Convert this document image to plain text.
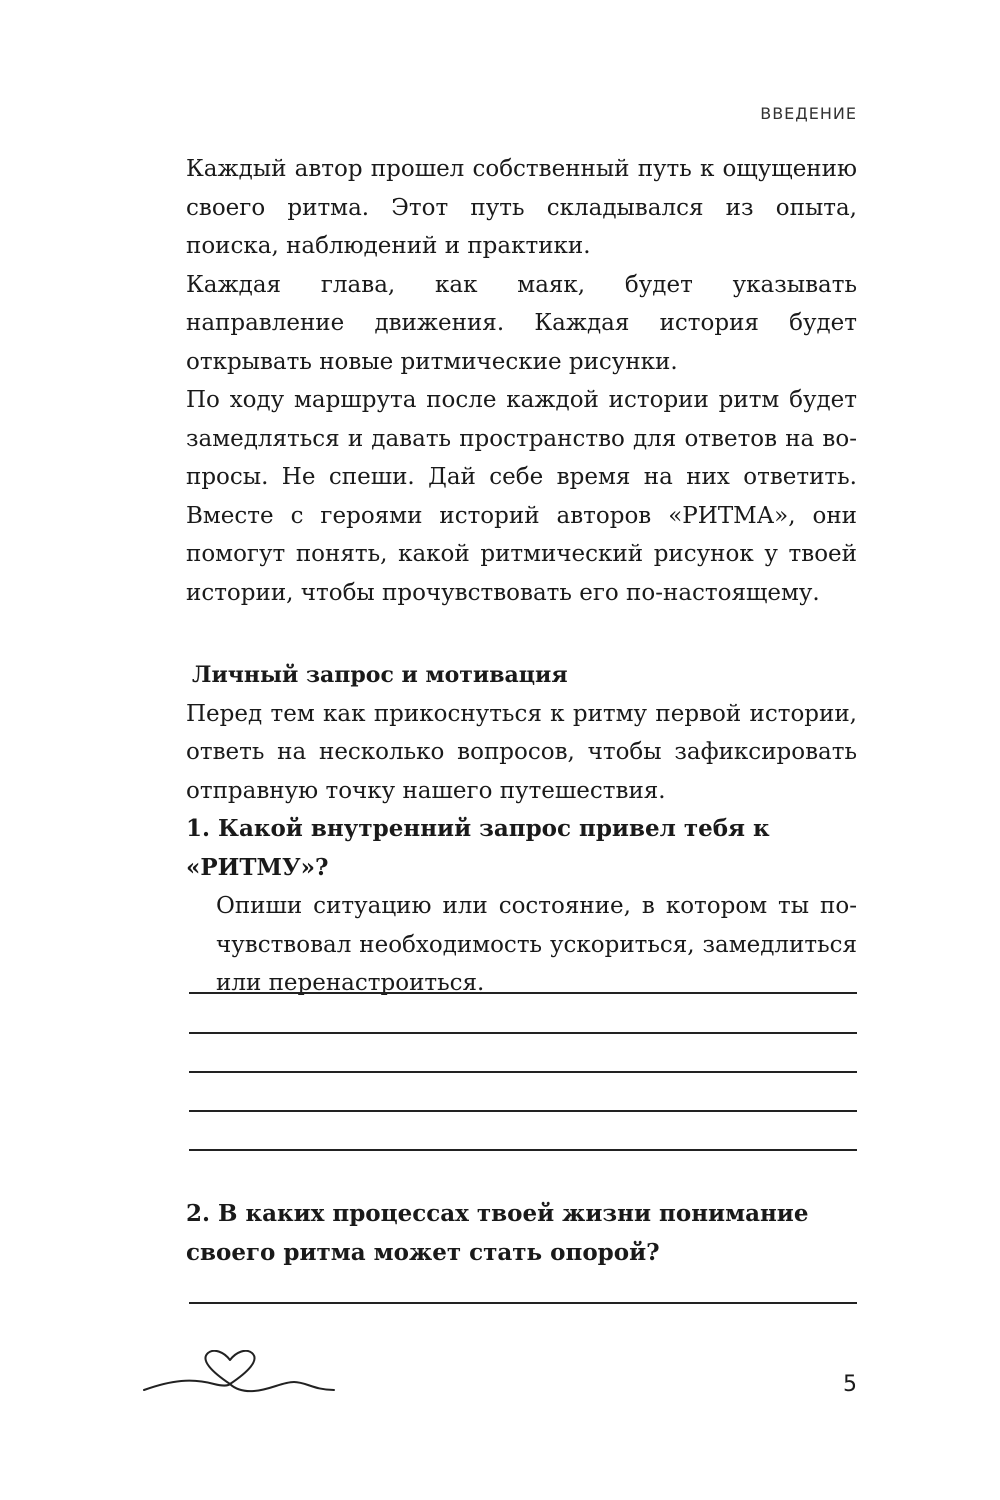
ВВЕДЕНИЕ

Каждый автор прошел собственный путь к ощущению своего ритма. Этот путь складывался из опыта, поиска, наблюдений и практики.

Каждая глава, как маяк, будет указывать направление движения. Каждая история будет открывать новые ритмические рисунки.

По ходу маршрута после каждой истории ритм будет замедляться и давать пространство для ответов на вопросы. Не спеши. Дай себе время на них ответить. Вместе с героями историй авторов «РИТМА», они помогут понять, какой ритмический рисунок у твоей истории, чтобы прочувствовать его по-настоящему.

Личный запрос и мотивация

Перед тем как прикоснуться к ритму первой истории, ответь на несколько вопросов, чтобы зафиксировать отправную точку нашего путешествия.

1. Какой внутренний запрос привел тебя к «РИТМУ»?

Опиши ситуацию или состояние, в котором ты почувствовал необходимость ускориться, замедлиться или перенастроиться.

2. В каких процессах твоей жизни понимание своего ритма может стать опорой?

5
